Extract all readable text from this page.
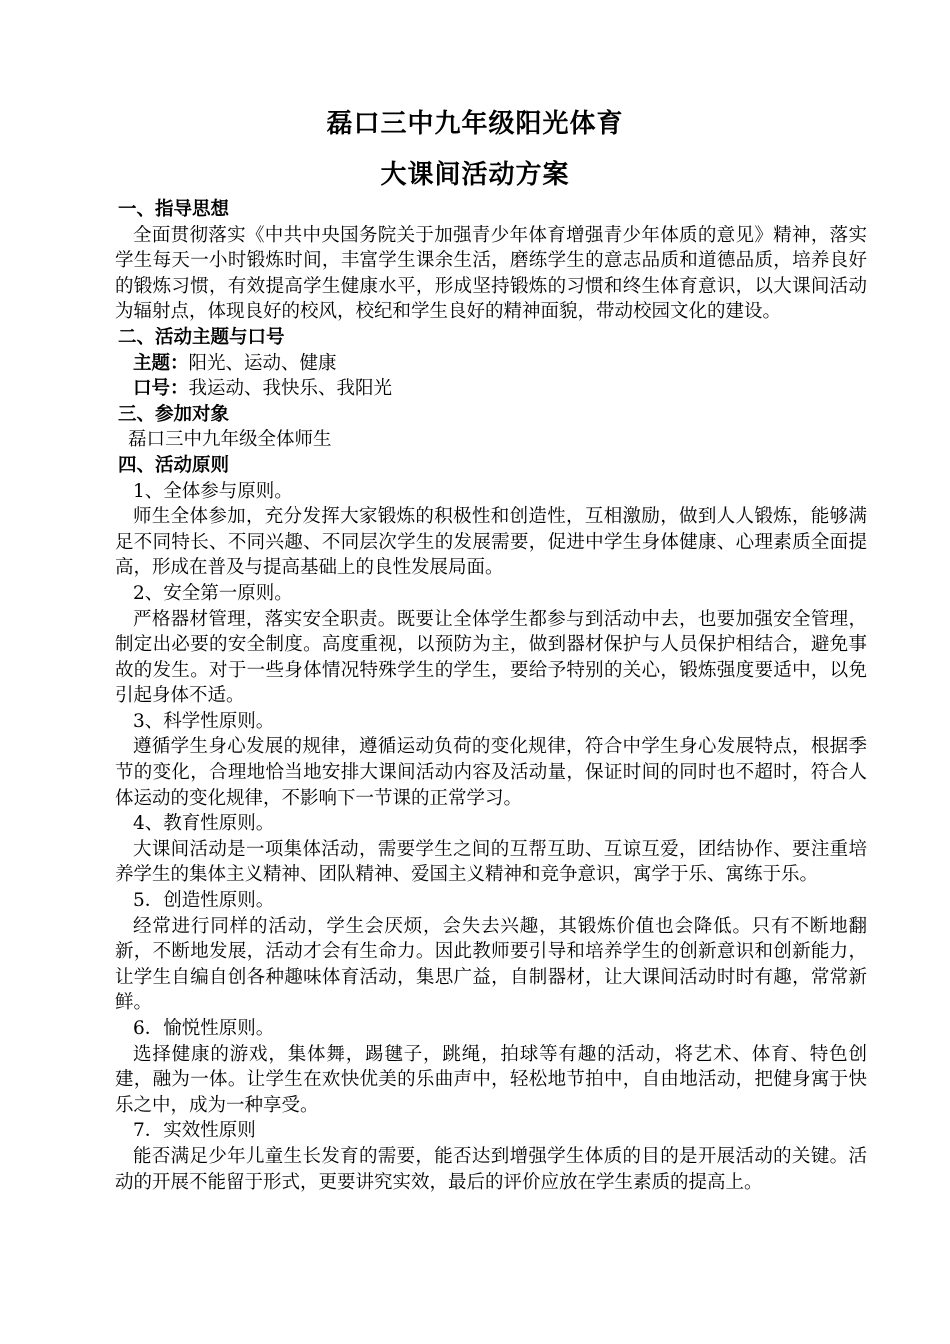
磊口三中九年级阳光体育
大课间活动方案

一、指导思想

全面贯彻落实《中共中央国务院关于加强青少年体育增强青少年体质的意见》精神，落实学生每天一小时锻炼时间，丰富学生课余生活，磨练学生的意志品质和道德品质，培养良好的锻炼习惯，有效提高学生健康水平，形成坚持锻炼的习惯和终生体育意识，以大课间活动为辐射点，体现良好的校风，校纪和学生良好的精神面貌，带动校园文化的建设。

二、活动主题与口号

主题：阳光、运动、健康

口号：我运动、我快乐、我阳光

三、参加对象

磊口三中九年级全体师生

四、活动原则

1、全体参与原则。

师生全体参加，充分发挥大家锻炼的积极性和创造性，互相激励，做到人人锻炼，能够满足不同特长、不同兴趣、不同层次学生的发展需要，促进中学生身体健康、心理素质全面提高，形成在普及与提高基础上的良性发展局面。

2、安全第一原则。

严格器材管理，落实安全职责。既要让全体学生都参与到活动中去，也要加强安全管理，制定出必要的安全制度。高度重视，以预防为主，做到器材保护与人员保护相结合，避免事故的发生。对于一些身体情况特殊学生的学生，要给予特别的关心，锻炼强度要适中，以免引起身体不适。

3、科学性原则。

遵循学生身心发展的规律，遵循运动负荷的变化规律，符合中学生身心发展特点，根据季节的变化，合理地恰当地安排大课间活动内容及活动量，保证时间的同时也不超时，符合人体运动的变化规律，不影响下一节课的正常学习。

4、教育性原则。

大课间活动是一项集体活动，需要学生之间的互帮互助、互谅互爱，团结协作、要注重培养学生的集体主义精神、团队精神、爱国主义精神和竞争意识，寓学于乐、寓练于乐。

5．创造性原则。

经常进行同样的活动，学生会厌烦，会失去兴趣，其锻炼价值也会降低。只有不断地翻新，不断地发展，活动才会有生命力。因此教师要引导和培养学生的创新意识和创新能力，让学生自编自创各种趣味体育活动，集思广益，自制器材，让大课间活动时时有趣，常常新鲜。

6．愉悦性原则。

选择健康的游戏，集体舞，踢毽子，跳绳，拍球等有趣的活动，将艺术、体育、特色创建，融为一体。让学生在欢快优美的乐曲声中，轻松地节拍中，自由地活动，把健身寓于快乐之中，成为一种享受。

7．实效性原则

能否满足少年儿童生长发育的需要，能否达到增强学生体质的目的是开展活动的关键。活动的开展不能留于形式，更要讲究实效，最后的评价应放在学生素质的提高上。
